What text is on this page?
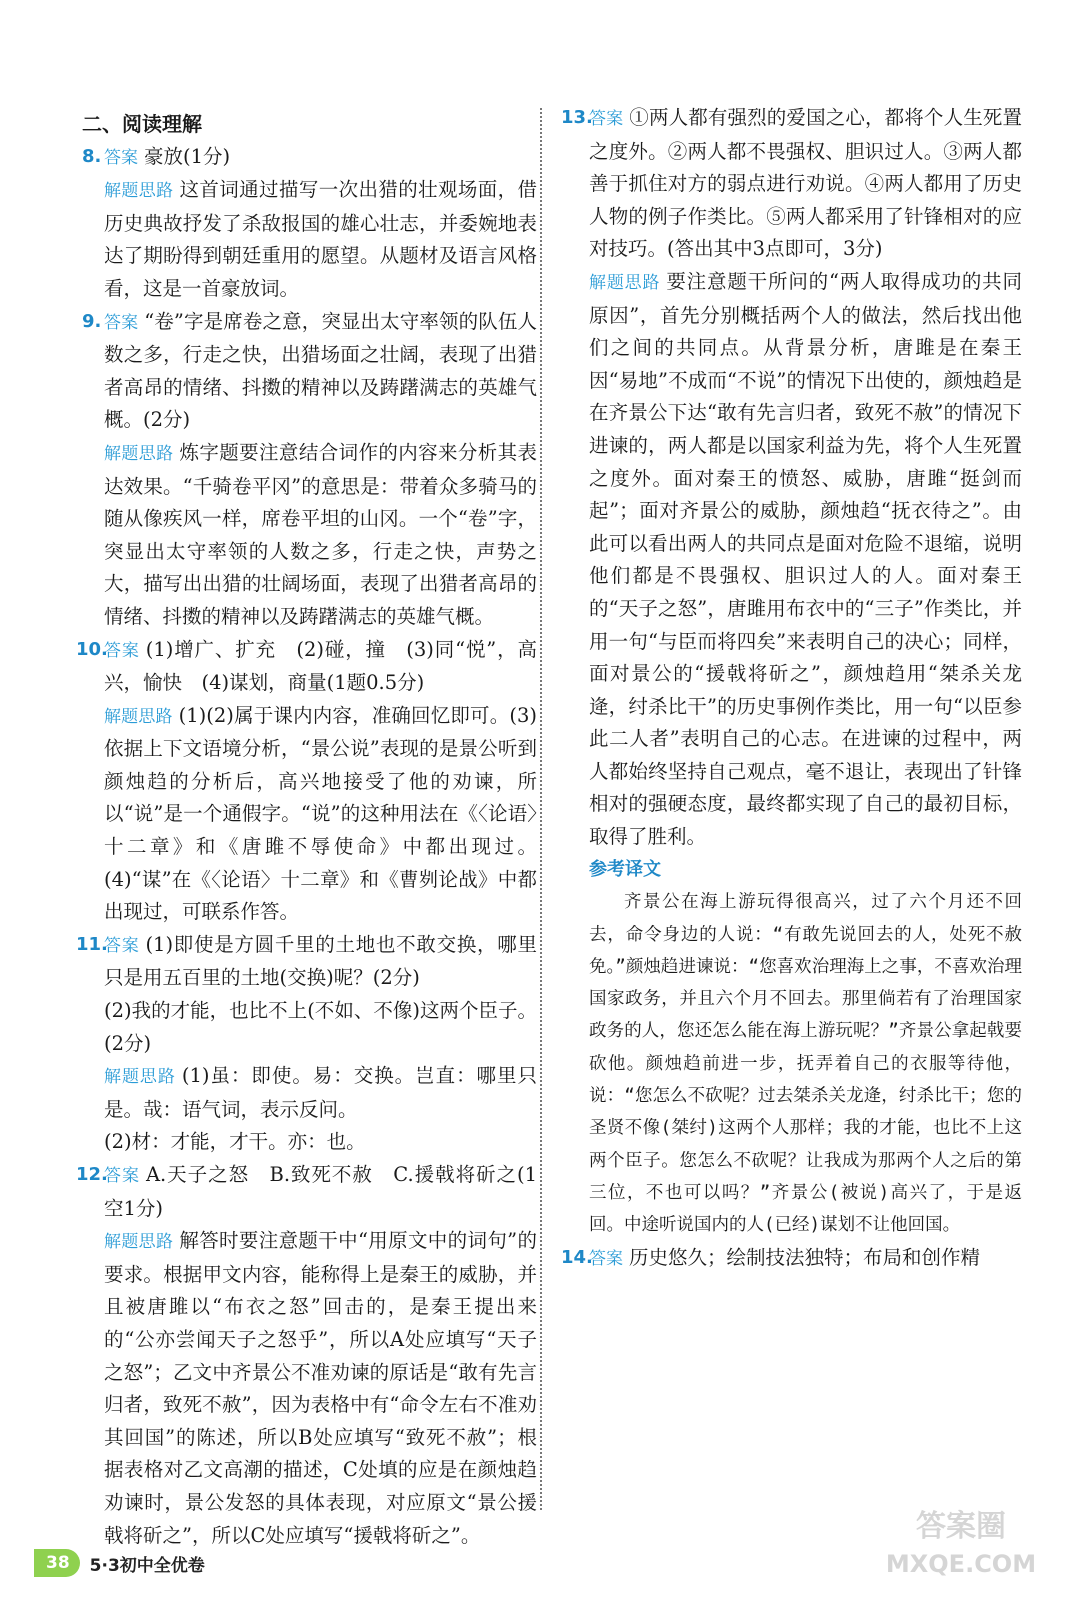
二、阅读理解
8. 答案 豪放(1分)

解题思路 这首词通过描写一次出猎的壮观场面，借历史典故抒发了杀敌报国的雄心壮志，并委婉地表达了期盼得到朝廷重用的愿望。从题材及语言风格看，这是一首豪放词。

9. 答案 “卷”字是席卷之意，突显出太守率领的队伍人数之多，行走之快，出猎场面之壮阔，表现了出猎者高昂的情绪、抖擞的精神以及踌躇满志的英雄气概。(2分)

解题思路 炼字题要注意结合词作的内容来分析其表达效果。“千骑卷平冈”的意思是：带着众多骑马的随从像疾风一样，席卷平坦的山冈。一个“卷”字，突显出太守率领的人数之多，行走之快，声势之大，描写出出猎的壮阔场面，表现了出猎者高昂的情绪、抖擞的精神以及踌躇满志的英雄气概。

10.

答案 (1)增广、扩充　(2)碰，撞　(3)同“悦”，高兴，愉快　(4)谋划，商量(1题0.5分)

解题思路 (1)(2)属于课内内容，准确回忆即可。(3)依据上下文语境分析，“景公说”表现的是景公听到颜烛趋的分析后，高兴地接受了他的劝谏，所以“说”是一个通假字。“说”的这种用法在《〈论语〉十二章》和《唐雎不辱使命》中都出现过。(4)“谋”在《〈论语〉十二章》和《曹刿论战》中都出现过，可联系作答。

11.

答案 (1)即使是方圆千里的土地也不敢交换，哪里只是用五百里的土地(交换)呢？(2分)

(2)我的才能，也比不上(不如、不像)这两个臣子。(2分)

解题思路 (1)虽：即使。易：交换。岂直：哪里只是。哉：语气词，表示反问。

(2)材：才能，才干。亦：也。

12.

答案 A.天子之怒　B.致死不赦　C.援戟将斫之(1空1分)

解题思路 解答时要注意题干中“用原文中的词句”的要求。根据甲文内容，能称得上是秦王的威胁，并且被唐雎以“布衣之怒”回击的，是秦王提出来的“公亦尝闻天子之怒乎”，所以A处应填写“天子之怒”；乙文中齐景公不准劝谏的原话是“敢有先言归者，致死不赦”，因为表格中有“命令左右不准劝其回国”的陈述，所以B处应填写“致死不赦”；根据表格对乙文高潮的描述，C处填的应是在颜烛趋劝谏时，景公发怒的具体表现，对应原文“景公援戟将斫之”，所以C处应填写“援戟将斫之”。

13.

答案 ①两人都有强烈的爱国之心，都将个人生死置之度外。②两人都不畏强权、胆识过人。③两人都善于抓住对方的弱点进行劝说。④两人都用了历史人物的例子作类比。⑤两人都采用了针锋相对的应对技巧。(答出其中3点即可，3分)

解题思路 要注意题干所问的“两人取得成功的共同原因”，首先分别概括两个人的做法，然后找出他们之间的共同点。从背景分析，唐雎是在秦王因“易地”不成而“不说”的情况下出使的，颜烛趋是在齐景公下达“敢有先言归者，致死不赦”的情况下进谏的，两人都是以国家利益为先，将个人生死置之度外。面对秦王的愤怒、威胁，唐雎“挺剑而起”；面对齐景公的威胁，颜烛趋“抚衣待之”。由此可以看出两人的共同点是面对危险不退缩，说明他们都是不畏强权、胆识过人的人。面对秦王的“天子之怒”，唐雎用布衣中的“三子”作类比，并用一句“与臣而将四矣”来表明自己的决心；同样，面对景公的“援戟将斫之”，颜烛趋用“桀杀关龙逄，纣杀比干”的历史事例作类比，用一句“以臣参此二人者”表明自己的心志。在进谏的过程中，两人都始终坚持自己观点，毫不退让，表现出了针锋相对的强硬态度，最终都实现了自己的最初目标，取得了胜利。

参考译文

齐景公在海上游玩得很高兴，过了六个月还不回去，命令身边的人说：“有敢先说回去的人，处死不赦免。”颜烛趋进谏说：“您喜欢治理海上之事，不喜欢治理国家政务，并且六个月不回去。那里倘若有了治理国家政务的人，您还怎么能在海上游玩呢？”齐景公拿起戟要砍他。颜烛趋前进一步，抚弄着自己的衣服等待他，说：“您怎么不砍呢？过去桀杀关龙逄，纣杀比干；您的圣贤不像(桀纣)这两个人那样；我的才能，也比不上这两个臣子。您怎么不砍呢？让我成为那两个人之后的第三位，不也可以吗？”齐景公(被说)高兴了，于是返回。中途听说国内的人(已经)谋划不让他回国。

14.

答案 历史悠久；绘制技法独特；布局和创作精

38	5·3初中全优卷
答案圈
MXQE.COM
